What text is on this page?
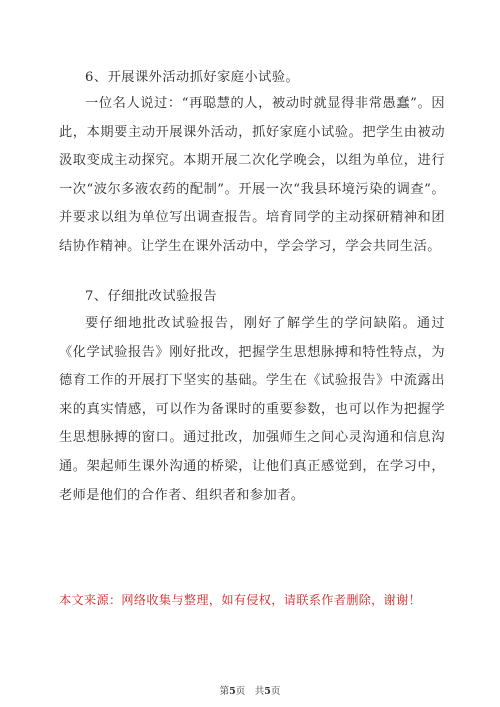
6、开展课外活动抓好家庭小试验。

一位名人说过：“再聪慧的人，被动时就显得非常愚蠢”。因此，本期要主动开展课外活动，抓好家庭小试验。把学生由被动汲取变成主动探究。本期开展二次化学晚会，以组为单位，进行一次“波尔多液农药的配制”。开展一次“我县环境污染的调查”。并要求以组为单位写出调查报告。培育同学的主动探研精神和团结协作精神。让学生在课外活动中，学会学习，学会共同生活。

7、仔细批改试验报告

要仔细地批改试验报告，刚好了解学生的学问缺陷。通过《化学试验报告》刚好批改，把握学生思想脉搏和特性特点，为德育工作的开展打下坚实的基础。学生在《试验报告》中流露出来的真实情感，可以作为备课时的重要参数，也可以作为把握学生思想脉搏的窗口。通过批改，加强师生之间心灵沟通和信息沟通。架起师生课外沟通的桥梁，让他们真正感觉到，在学习中，老师是他们的合作者、组织者和参加者。

本文来源：网络收集与整理，如有侵权，请联系作者删除，谢谢！
第5页　共5页
